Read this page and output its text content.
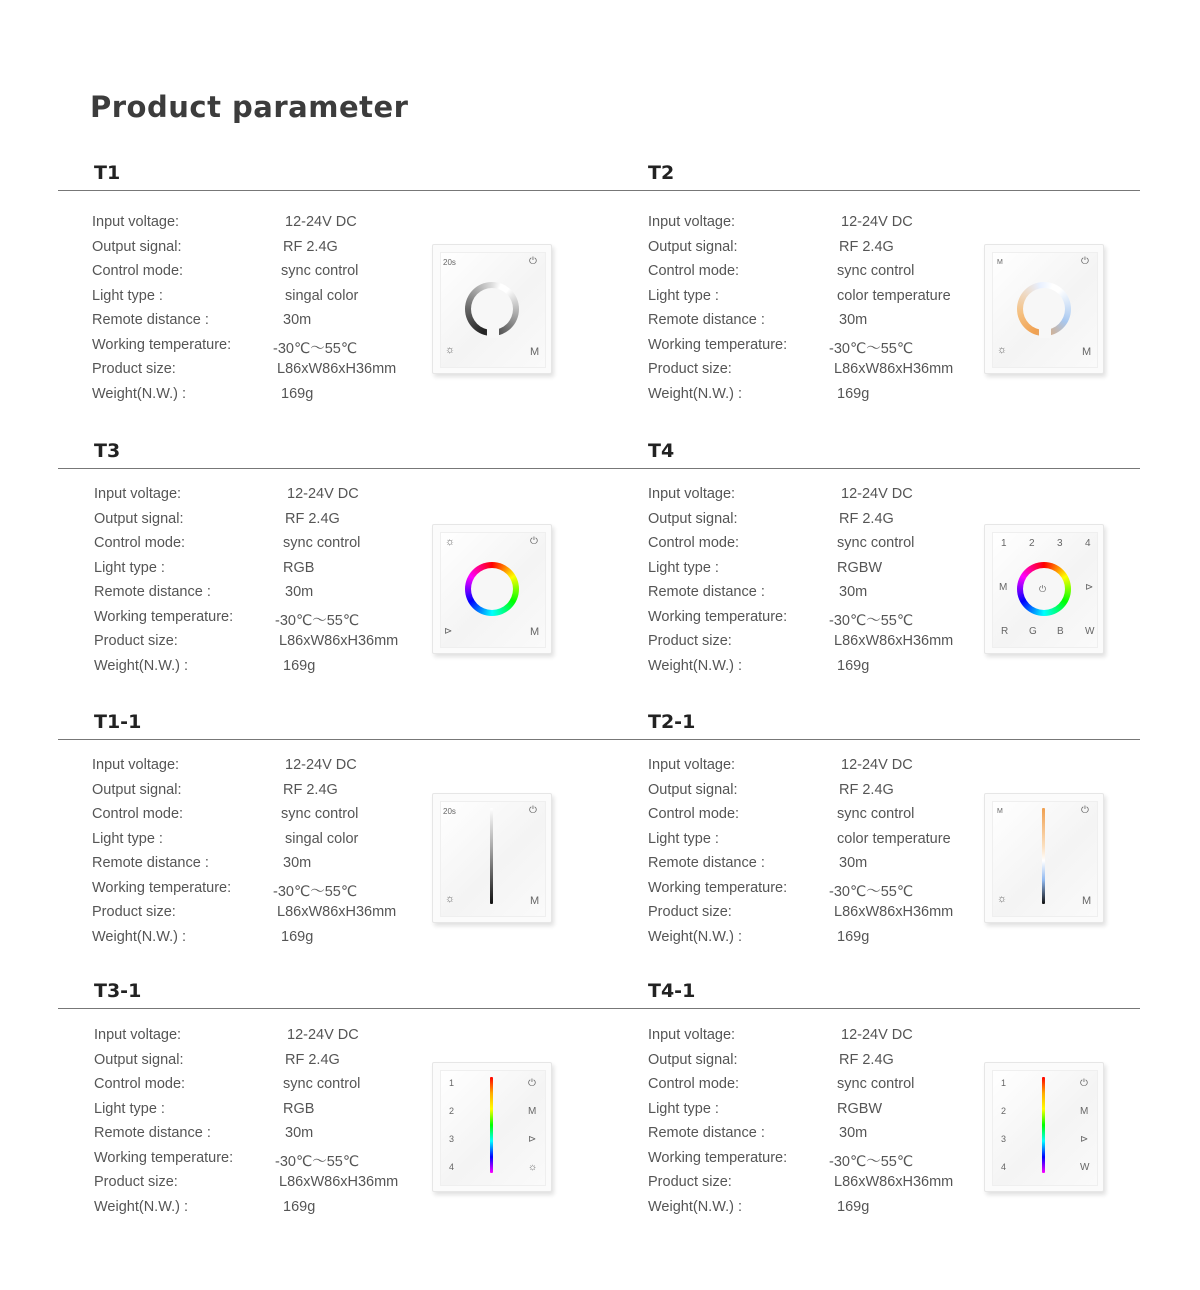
Product parameter
T1
Input voltage:	12-24V DC
Output signal:	RF 2.4G
Control mode:	sync control
Light type :	singal color
Remote distance :	30m
Working temperature:	-30℃～55℃
Product size:	L86xW86xH36mm
Weight(N.W.) :	169g
20s	⏻
☼	M
T2
Input voltage:	12-24V DC
Output signal:	RF 2.4G
Control mode:	sync control
Light type :	color temperature
Remote distance :	30m
Working temperature:	-30℃～55℃
Product size:	L86xW86xH36mm
Weight(N.W.) :	169g
M	⏻
☼	M
T3
Input voltage:	12-24V DC
Output signal:	RF 2.4G
Control mode:	sync control
Light type :	RGB
Remote distance :	30m
Working temperature:	-30℃～55℃
Product size:	L86xW86xH36mm
Weight(N.W.) :	169g
☼	⏻
⊳	M
T4
Input voltage:	12-24V DC
Output signal:	RF 2.4G
Control mode:	sync control
Light type :	RGBW
Remote distance :	30m
Working temperature:	-30℃～55℃
Product size:	L86xW86xH36mm
Weight(N.W.) :	169g
1 2 3 4
M	⊳
R G B W
⏻
T1-1
Input voltage:	12-24V DC
Output signal:	RF 2.4G
Control mode:	sync control
Light type :	singal color
Remote distance :	30m
Working temperature:	-30℃～55℃
Product size:	L86xW86xH36mm
Weight(N.W.) :	169g
20s	⏻
☼	M
T2-1
Input voltage:	12-24V DC
Output signal:	RF 2.4G
Control mode:	sync control
Light type :	color temperature
Remote distance :	30m
Working temperature:	-30℃～55℃
Product size:	L86xW86xH36mm
Weight(N.W.) :	169g
M	⏻
☼	M
T3-1
Input voltage:	12-24V DC
Output signal:	RF 2.4G
Control mode:	sync control
Light type :	RGB
Remote distance :	30m
Working temperature:	-30℃～55℃
Product size:	L86xW86xH36mm
Weight(N.W.) :	169g
1
2
3
4
⏻
M
⊳
☼
T4-1
Input voltage:	12-24V DC
Output signal:	RF 2.4G
Control mode:	sync control
Light type :	RGBW
Remote distance :	30m
Working temperature:	-30℃～55℃
Product size:	L86xW86xH36mm
Weight(N.W.) :	169g
1
2
3
4
⏻
M
⊳
W
